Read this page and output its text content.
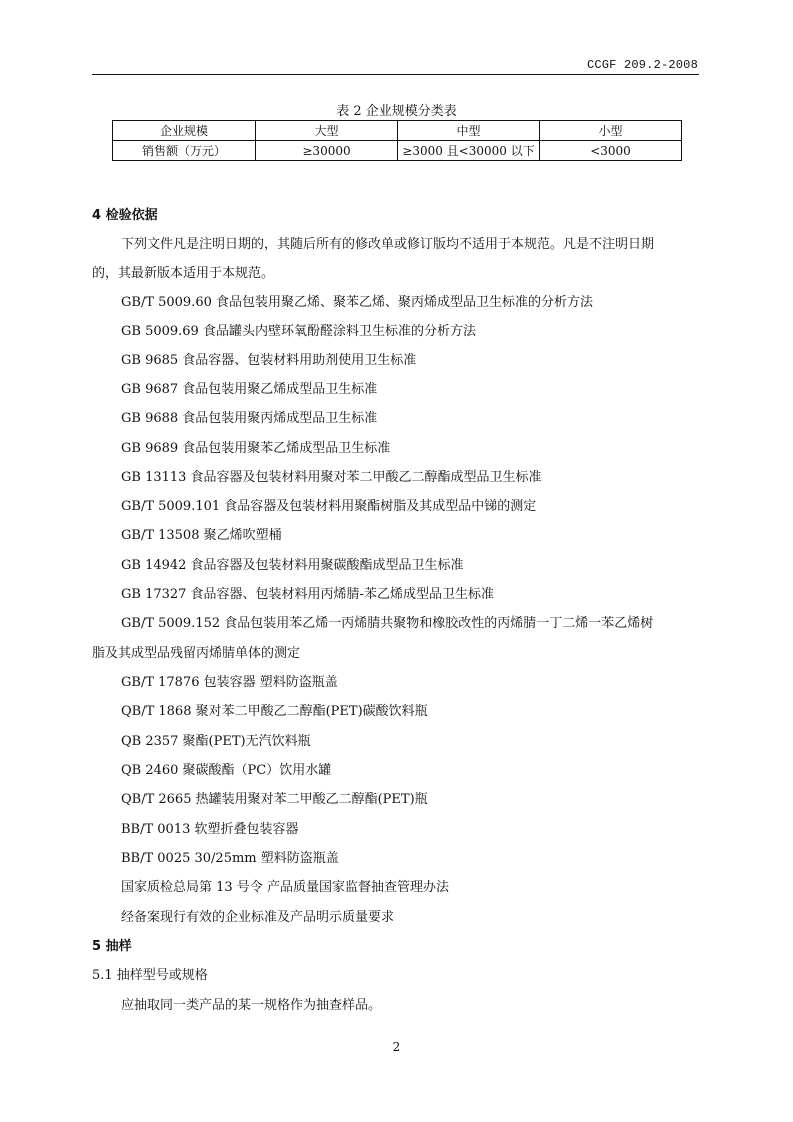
CCGF 209.2-2008
表 2 企业规模分类表
企业规模	大型	中型	小型
销售额（万元）	≥30000	≥3000 且<30000 以下	<3000
4 检验依据
下列文件凡是注明日期的，其随后所有的修改单或修订版均不适用于本规范。凡是不注明日期
的，其最新版本适用于本规范。
GB/T 5009.60 食品包装用聚乙烯、聚苯乙烯、聚丙烯成型品卫生标准的分析方法
GB 5009.69 食品罐头内壁环氧酚醛涂料卫生标准的分析方法
GB 9685 食品容器、包装材料用助剂使用卫生标准
GB 9687 食品包装用聚乙烯成型品卫生标准
GB 9688 食品包装用聚丙烯成型品卫生标准
GB 9689 食品包装用聚苯乙烯成型品卫生标准
GB 13113 食品容器及包装材料用聚对苯二甲酸乙二醇酯成型品卫生标准
GB/T 5009.101 食品容器及包装材料用聚酯树脂及其成型品中锑的测定
GB/T 13508 聚乙烯吹塑桶
GB 14942 食品容器及包装材料用聚碳酸酯成型品卫生标准
GB 17327 食品容器、包装材料用丙烯腈-苯乙烯成型品卫生标准
GB/T 5009.152 食品包装用苯乙烯一丙烯腈共聚物和橡胶改性的丙烯腈一丁二烯一苯乙烯树
脂及其成型品残留丙烯腈单体的测定
GB/T 17876 包装容器 塑料防盗瓶盖
QB/T 1868 聚对苯二甲酸乙二醇酯(PET)碳酸饮料瓶
QB 2357 聚酯(PET)无汽饮料瓶
QB 2460 聚碳酸酯（PC）饮用水罐
QB/T 2665 热罐装用聚对苯二甲酸乙二醇酯(PET)瓶
BB/T 0013 软塑折叠包装容器
BB/T 0025 30/25mm 塑料防盗瓶盖
国家质检总局第 13 号令 产品质量国家监督抽查管理办法
经备案现行有效的企业标准及产品明示质量要求
5 抽样
5.1 抽样型号或规格
应抽取同一类产品的某一规格作为抽查样品。
2
